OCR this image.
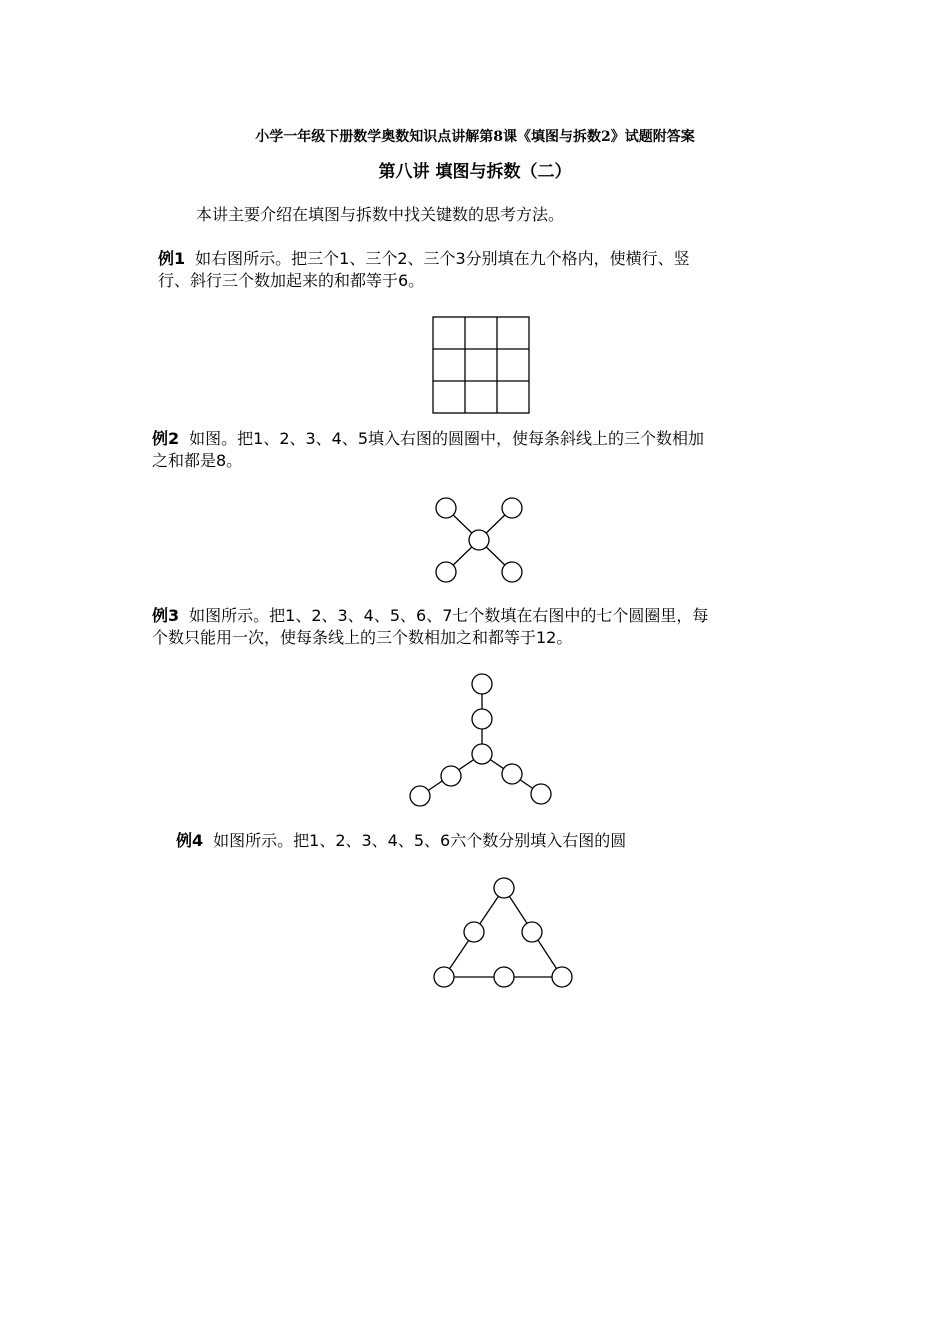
小学一年级下册数学奥数知识点讲解第8课《填图与拆数2》试题附答案
第八讲 填图与拆数（二）
本讲主要介绍在填图与拆数中找关键数的思考方法。
例1 如右图所示。把三个1、三个2、三个3分别填在九个格内，使横行、竖
行、斜行三个数加起来的和都等于6。
例2 如图。把1、2、3、4、5填入右图的圆圈中，使每条斜线上的三个数相加
之和都是8。
例3 如图所示。把1、2、3、4、5、6、7七个数填在右图中的七个圆圈里，每
个数只能用一次，使每条线上的三个数相加之和都等于12。
例4 如图所示。把1、2、3、4、5、6六个数分别填入右图的圆
